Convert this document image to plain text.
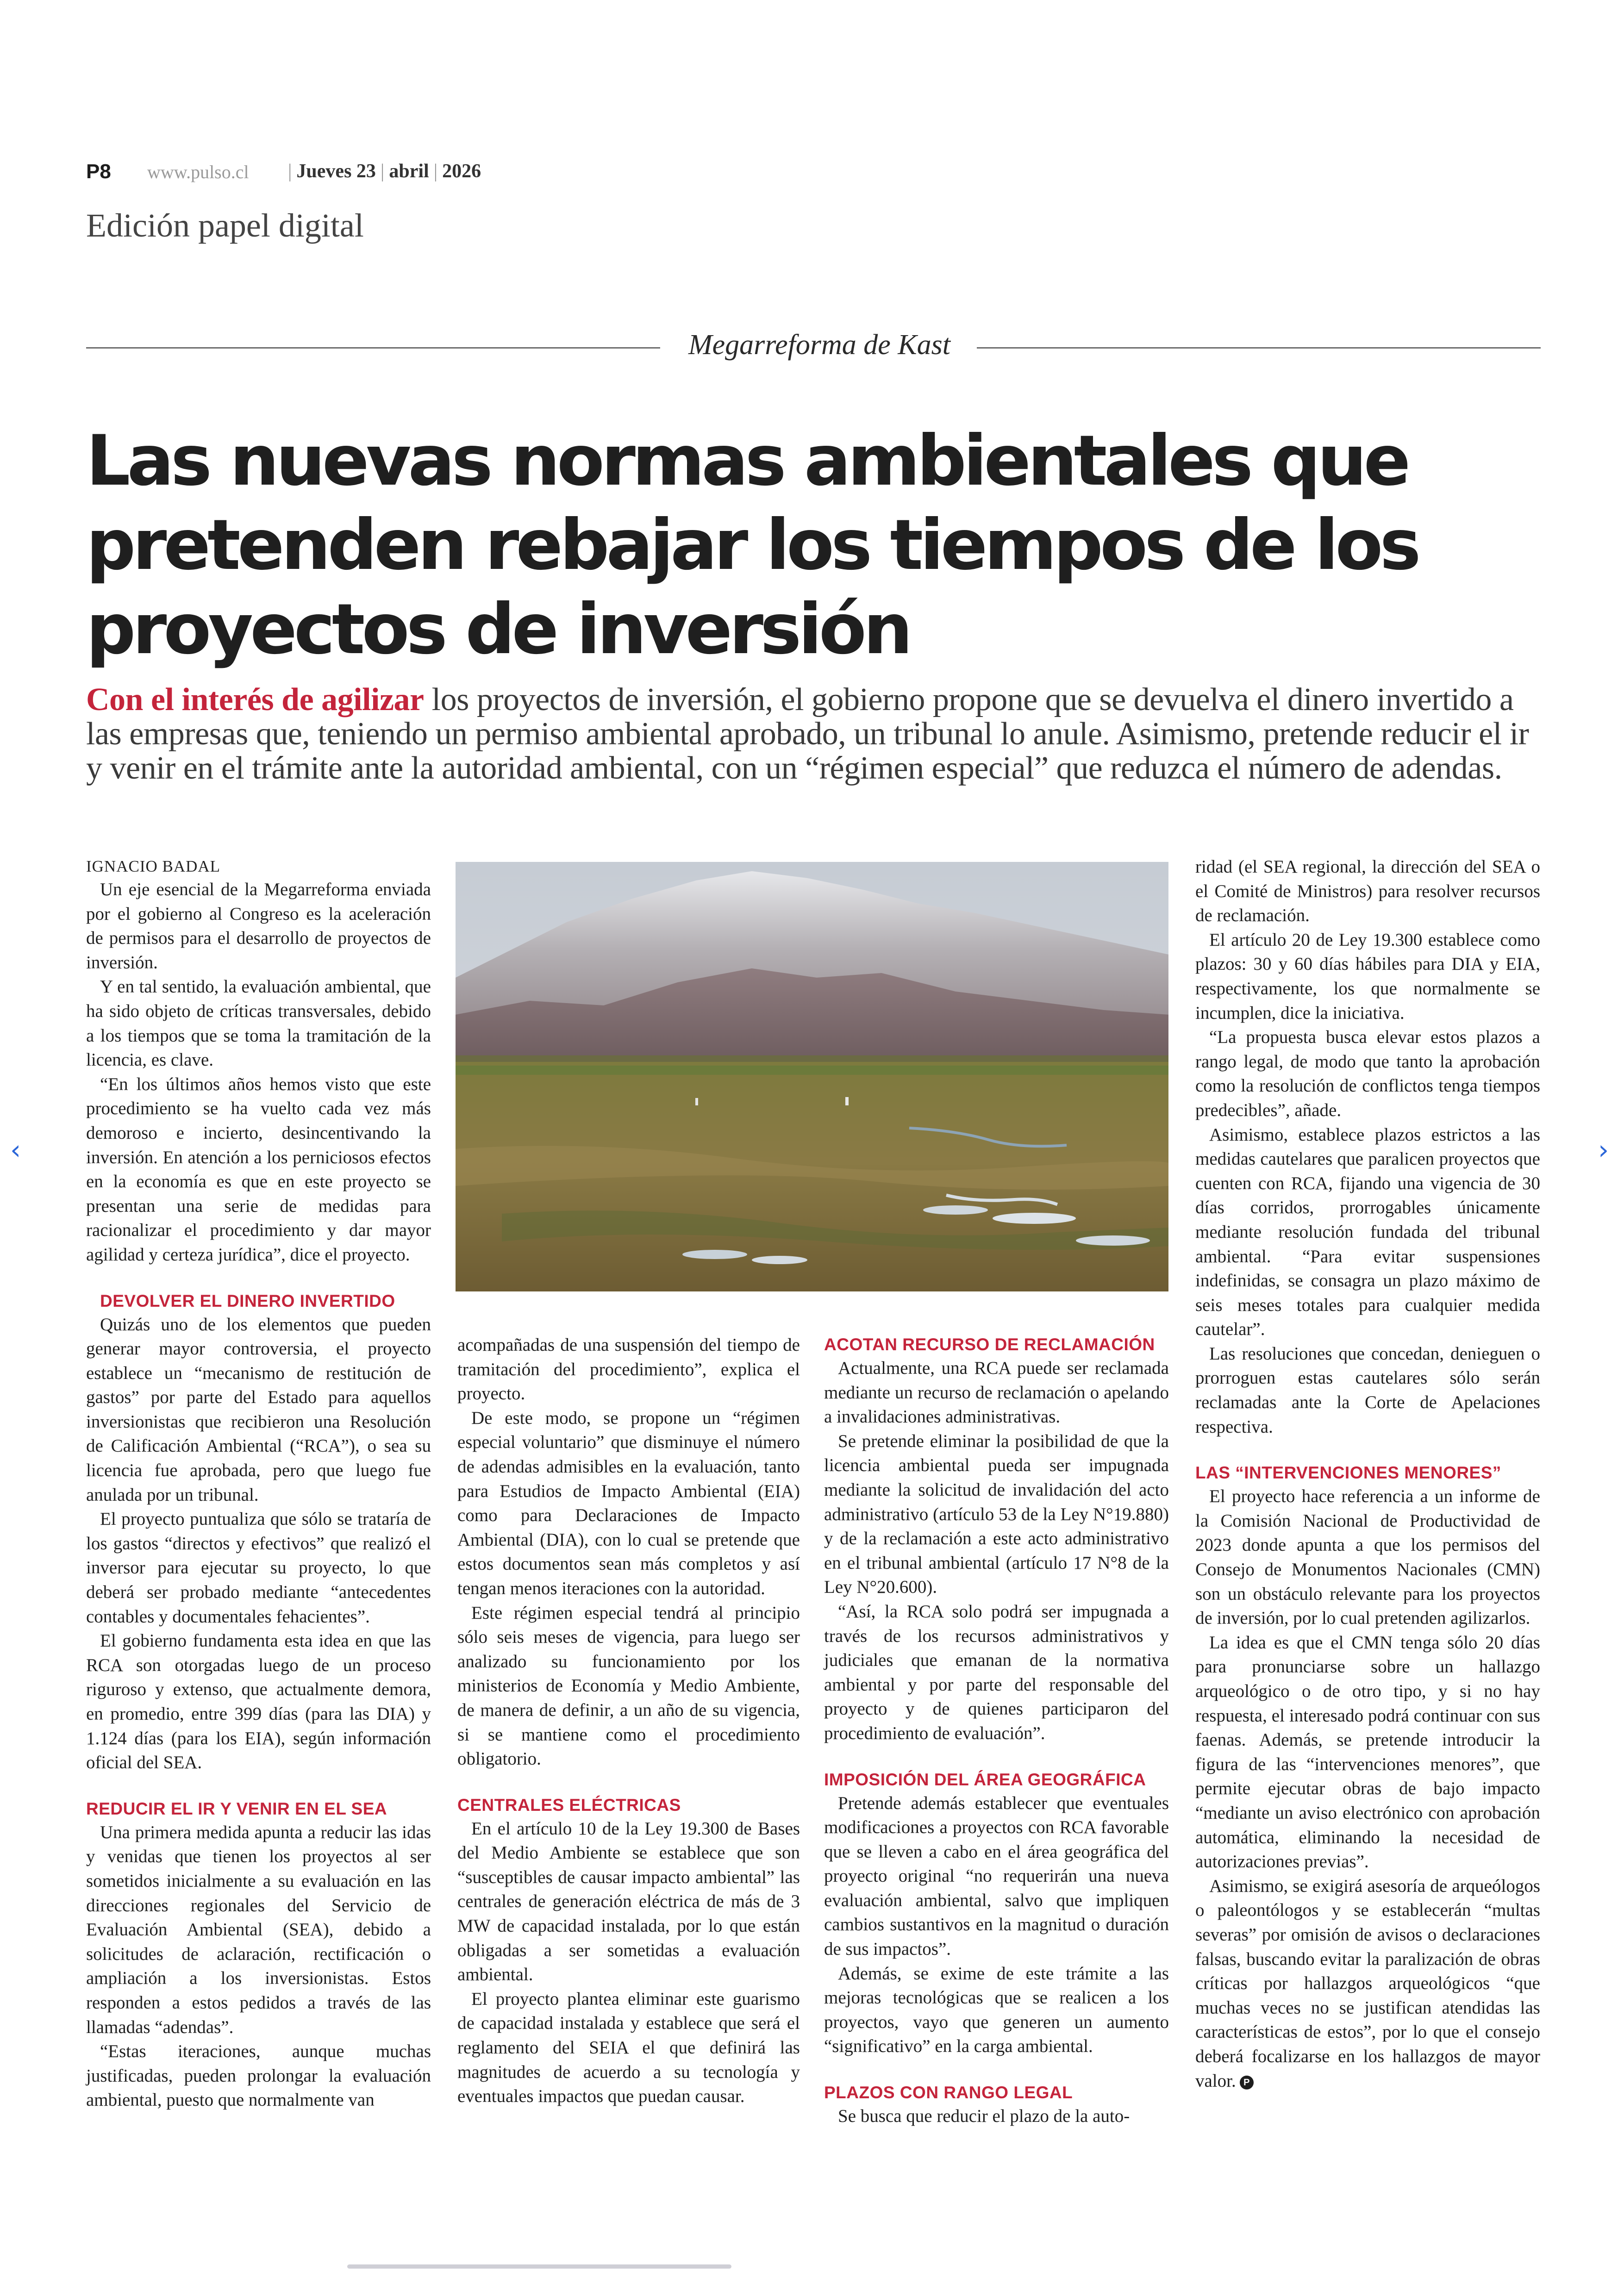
P8 www.pulso.cl | Jueves 23 | abril | 2026
Edición papel digital
Megarreforma de Kast
Las nuevas normas ambientales que pretenden rebajar los tiempos de los proyectos de inversión

Con el interés de agilizar los proyectos de inversión, el gobierno propone que se devuelva el dinero invertido a las empresas que, teniendo un permiso ambiental aprobado, un tribunal lo anule. Asimismo, pretende reducir el ir y venir en el trámite ante la autoridad ambiental, con un “régimen especial” que reduzca el número de adendas.

IGNACIO BADAL

Un eje esencial de la Megarreforma enviada por el gobierno al Congreso es la aceleración de permisos para el desarrollo de proyectos de inversión.

Y en tal sentido, la evaluación ambiental, que ha sido objeto de críticas transversales, debido a los tiempos que se toma la tramitación de la licencia, es clave.

“En los últimos años hemos visto que este procedimiento se ha vuelto cada vez más demoroso e incierto, desincentivando la inversión. En atención a los perniciosos efectos en la economía es que en este proyecto se presentan una serie de medidas para racionalizar el procedimiento y dar mayor agilidad y certeza jurídica”, dice el proyecto.

DEVOLVER EL DINERO INVERTIDO

Quizás uno de los elementos que pueden generar mayor controversia, el proyecto establece un “mecanismo de restitución de gastos” por parte del Estado para aquellos inversionistas que recibieron una Resolución de Calificación Ambiental (“RCA”), o sea su licencia fue aprobada, pero que luego fue anulada por un tribunal.

El proyecto puntualiza que sólo se trataría de los gastos “directos y efectivos” que realizó el inversor para ejecutar su proyecto, lo que deberá ser probado mediante “antecedentes contables y documentales fehacientes”.

El gobierno fundamenta esta idea en que las RCA son otorgadas luego de un proceso riguroso y extenso, que actualmente demora, en promedio, entre 399 días (para las DIA) y 1.124 días (para los EIA), según información oficial del SEA.

REDUCIR EL IR Y VENIR EN EL SEA

Una primera medida apunta a reducir las idas y venidas que tienen los proyectos al ser sometidos inicialmente a su evaluación en las direcciones regionales del Servicio de Evaluación Ambiental (SEA), debido a solicitudes de aclaración, rectificación o ampliación a los inversionistas. Estos responden a estos pedidos a través de las llamadas “adendas”.

“Estas iteraciones, aunque muchas justificadas, pueden prolongar la evaluación ambiental, puesto que normalmente van

acompañadas de una suspensión del tiempo de tramitación del procedimiento”, explica el proyecto.

De este modo, se propone un “régimen especial voluntario” que disminuye el número de adendas admisibles en la evaluación, tanto para Estudios de Impacto Ambiental (EIA) como para Declaraciones de Impacto Ambiental (DIA), con lo cual se pretende que estos documentos sean más completos y así tengan menos iteraciones con la autoridad.

Este régimen especial tendrá al principio sólo seis meses de vigencia, para luego ser analizado su funcionamiento por los ministerios de Economía y Medio Ambiente, de manera de definir, a un año de su vigencia, si se mantiene como el procedimiento obligatorio.

CENTRALES ELÉCTRICAS

En el artículo 10 de la Ley 19.300 de Bases del Medio Ambiente se establece que son “susceptibles de causar impacto ambiental” las centrales de generación eléctrica de más de 3 MW de capacidad instalada, por lo que están obligadas a ser sometidas a evaluación ambiental.

El proyecto plantea eliminar este guarismo de capacidad instalada y establece que será el reglamento del SEIA el que definirá las magnitudes de acuerdo a su tecnología y eventuales impactos que puedan causar.

ACOTAN RECURSO DE RECLAMACIÓN

Actualmente, una RCA puede ser reclamada mediante un recurso de reclamación o apelando a invalidaciones administrativas.

Se pretende eliminar la posibilidad de que la licencia ambiental pueda ser impugnada mediante la solicitud de invalidación del acto administrativo (artículo 53 de la Ley N°19.880) y de la reclamación a este acto administrativo en el tribunal ambiental (artículo 17 N°8 de la Ley N°20.600).

“Así, la RCA solo podrá ser impugnada a través de los recursos administrativos y judiciales que emanan de la normativa ambiental y por parte del responsable del proyecto y de quienes participaron del procedimiento de evaluación”.

IMPOSICIÓN DEL ÁREA GEOGRÁFICA

Pretende además establecer que eventuales modificaciones a proyectos con RCA favorable que se lleven a cabo en el área geográfica del proyecto original “no requerirán una nueva evaluación ambiental, salvo que impliquen cambios sustantivos en la magnitud o duración de sus impactos”.

Además, se exime de este trámite a las mejoras tecnológicas que se realicen a los proyectos, vayo que generen un aumento “significativo” en la carga ambiental.

PLAZOS CON RANGO LEGAL

Se busca que reducir el plazo de la auto-

ridad (el SEA regional, la dirección del SEA o el Comité de Ministros) para resolver recursos de reclamación.

El artículo 20 de Ley 19.300 establece como plazos: 30 y 60 días hábiles para DIA y EIA, respectivamente, los que normalmente se incumplen, dice la iniciativa.

“La propuesta busca elevar estos plazos a rango legal, de modo que tanto la aprobación como la resolución de conflictos tenga tiempos predecibles”, añade.

Asimismo, establece plazos estrictos a las medidas cautelares que paralicen proyectos que cuenten con RCA, fijando una vigencia de 30 días corridos, prorrogables únicamente mediante resolución fundada del tribunal ambiental. “Para evitar suspensiones indefinidas, se consagra un plazo máximo de seis meses totales para cualquier medida cautelar”.

Las resoluciones que concedan, denieguen o prorroguen estas cautelares sólo serán reclamadas ante la Corte de Apelaciones respectiva.

LAS “INTERVENCIONES MENORES”

El proyecto hace referencia a un informe de la Comisión Nacional de Productividad de 2023 donde apunta a que los permisos del Consejo de Monumentos Nacionales (CMN) son un obstáculo relevante para los proyectos de inversión, por lo cual pretenden agilizarlos.

La idea es que el CMN tenga sólo 20 días para pronunciarse sobre un hallazgo arqueológico o de otro tipo, y si no hay respuesta, el interesado podrá continuar con sus faenas. Además, se pretende introducir la figura de las “intervenciones menores”, que permite ejecutar obras de bajo impacto “mediante un aviso electrónico con aprobación automática, eliminando la necesidad de autorizaciones previas”.

Asimismo, se exigirá asesoría de arqueólogos o paleontólogos y se establecerán “multas severas” por omisión de avisos o declaraciones falsas, buscando evitar la paralización de obras críticas por hallazgos arqueológicos “que muchas veces no se justifican atendidas las características de estos”, por lo que el consejo deberá focalizarse en los hallazgos de mayor valor. P

‹	›
